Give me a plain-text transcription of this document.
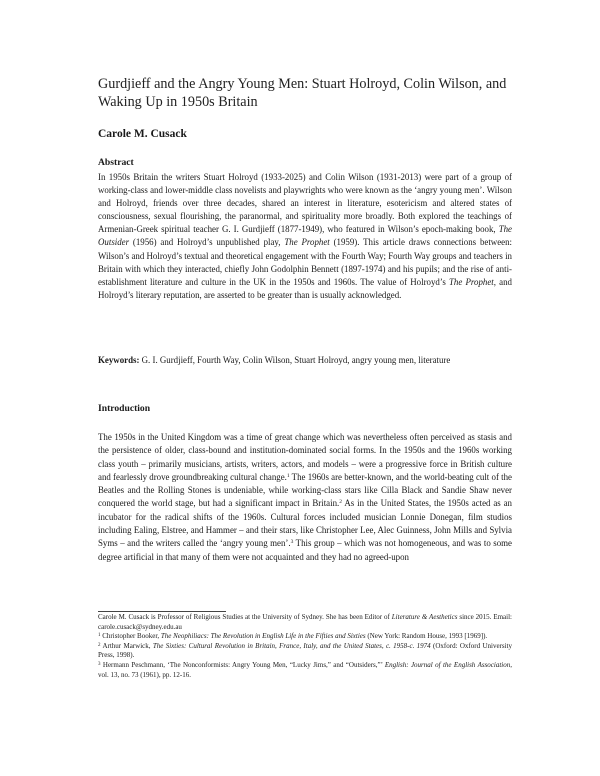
Gurdjieff and the Angry Young Men: Stuart Holroyd, Colin Wilson, and Waking Up in 1950s Britain
Carole M. Cusack
Abstract
In 1950s Britain the writers Stuart Holroyd (1933-2025) and Colin Wilson (1931-2013) were part of a group of working-class and lower-middle class novelists and playwrights who were known as the ‘angry young men’. Wilson and Holroyd, friends over three decades, shared an interest in literature, esotericism and altered states of consciousness, sexual flourishing, the paranormal, and spirituality more broadly. Both explored the teachings of Armenian-Greek spiritual teacher G. I. Gurdjieff (1877-1949), who featured in Wilson’s epoch-making book, The Outsider (1956) and Holroyd’s unpublished play, The Prophet (1959). This article draws connections between: Wilson’s and Holroyd’s textual and theoretical engagement with the Fourth Way; Fourth Way groups and teachers in Britain with which they interacted, chiefly John Godolphin Bennett (1897-1974) and his pupils; and the rise of anti-establishment literature and culture in the UK in the 1950s and 1960s. The value of Holroyd’s The Prophet, and Holroyd’s literary reputation, are asserted to be greater than is usually acknowledged.
Keywords: G. I. Gurdjieff, Fourth Way, Colin Wilson, Stuart Holroyd, angry young men, literature
Introduction

The 1950s in the United Kingdom was a time of great change which was nevertheless often perceived as stasis and the persistence of older, class-bound and institution-dominated social forms. In the 1950s and the 1960s working class youth – primarily musicians, artists, writers, actors, and models – were a progressive force in British culture and fearlessly drove groundbreaking cultural change.$^1$ The 1960s are better-known, and the world-beating cult of the Beatles and the Rolling Stones is undeniable, while working-class stars like Cilla Black and Sandie Shaw never conquered the world stage, but had a significant impact in Britain.$^2$ As in the United States, the 1950s acted as an incubator for the radical shifts of the 1960s. Cultural forces included musician Lonnie Donegan, film studios including Ealing, Elstree, and Hammer – and their stars, like Christopher Lee, Alec Guinness, John Mills and Sylvia Syms – and the writers called the ‘angry young men’.$^3$ This group – which was not homogeneous, and was to some degree artificial in that many of them were not acquainted and they had no agreed-upon

Carole M. Cusack is Professor of Religious Studies at the University of Sydney. She has been Editor of Literature & Aesthetics since 2015. Email: carole.cusack@sydney.edu.au
$^1$ Christopher Booker, The Neophiliacs: The Revolution in English Life in the Fifties and Sixties (New York: Random House, 1993 [1969]).
$^2$ Arthur Marwick, The Sixties: Cultural Revolution in Britain, France, Italy, and the United States, c. 1958-c. 1974 (Oxford: Oxford University Press, 1998).
$^3$ Hermann Peschmann, ‘The Nonconformists: Angry Young Men, “Lucky Jims,” and “Outsiders,”’ English: Journal of the English Association, vol. 13, no. 73 (1961), pp. 12-16.
